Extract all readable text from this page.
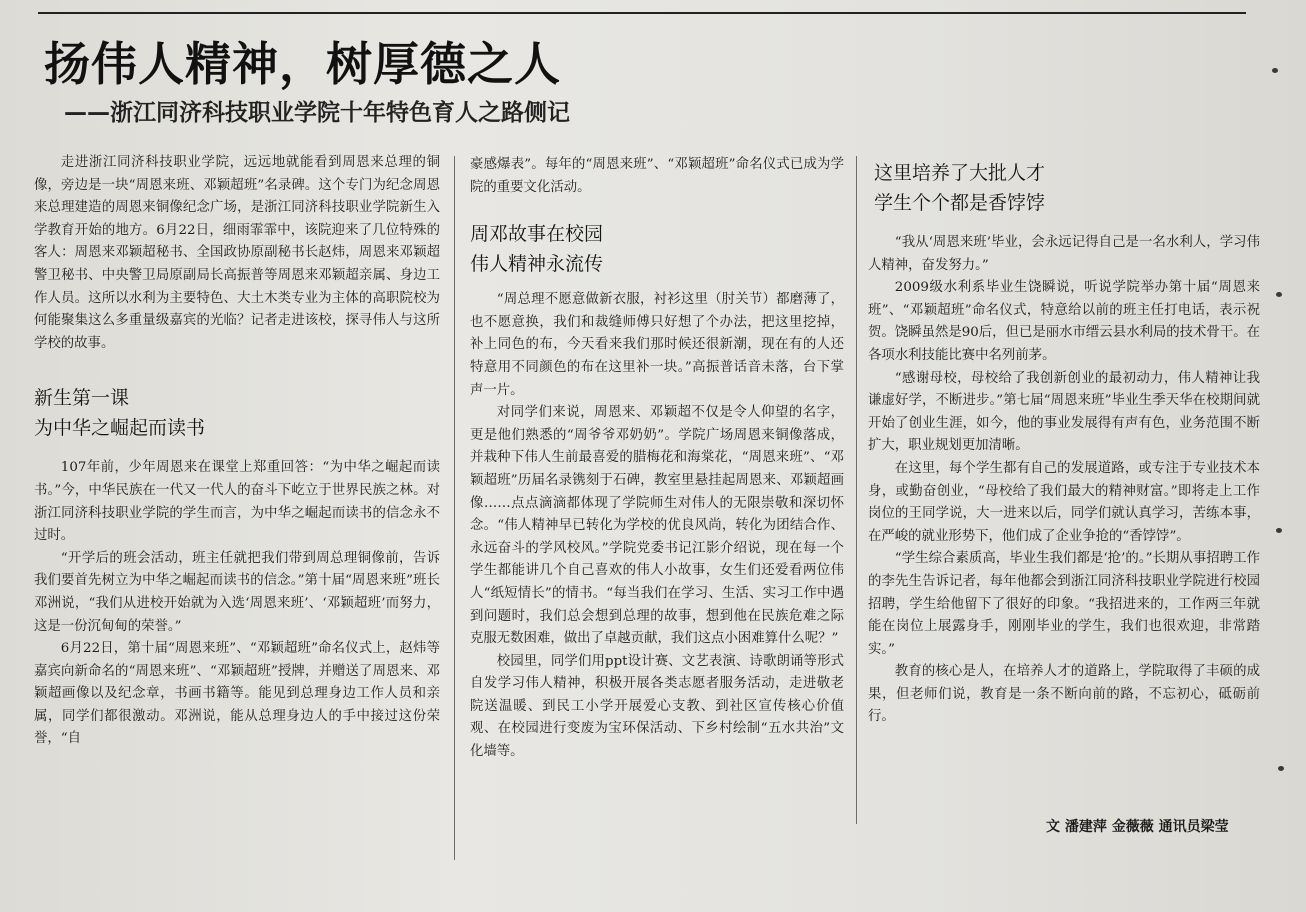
扬伟人精神，树厚德之人
——浙江同济科技职业学院十年特色育人之路侧记

走进浙江同济科技职业学院，远远地就能看到周恩来总理的铜像，旁边是一块“周恩来班、邓颖超班”名录碑。这个专门为纪念周恩来总理建造的周恩来铜像纪念广场，是浙江同济科技职业学院新生入学教育开始的地方。6月22日，细雨霏霏中，该院迎来了几位特殊的客人：周恩来邓颖超秘书、全国政协原副秘书长赵炜，周恩来邓颖超警卫秘书、中央警卫局原副局长高振普等周恩来邓颖超亲属、身边工作人员。这所以水利为主要特色、大土木类专业为主体的高职院校为何能聚集这么多重量级嘉宾的光临？记者走进该校，探寻伟人与这所学校的故事。

新生第一课
为中华之崛起而读书

107年前，少年周恩来在课堂上郑重回答：“为中华之崛起而读书。”今，中华民族在一代又一代人的奋斗下屹立于世界民族之林。对浙江同济科技职业学院的学生而言，为中华之崛起而读书的信念永不过时。

“开学后的班会活动，班主任就把我们带到周总理铜像前，告诉我们要首先树立为中华之崛起而读书的信念。”第十届“周恩来班”班长邓洲说，“我们从进校开始就为入选‘周恩来班’、‘邓颖超班’而努力，这是一份沉甸甸的荣誉。”

6月22日，第十届“周恩来班”、“邓颖超班”命名仪式上，赵炜等嘉宾向新命名的“周恩来班”、“邓颖超班”授牌，并赠送了周恩来、邓颖超画像以及纪念章，书画书籍等。能见到总理身边工作人员和亲属，同学们都很激动。邓洲说，能从总理身边人的手中接过这份荣誉，“自

豪感爆表”。每年的“周恩来班”、“邓颖超班”命名仪式已成为学院的重要文化活动。

周邓故事在校园
伟人精神永流传

“周总理不愿意做新衣服，衬衫这里（肘关节）都磨薄了，也不愿意换，我们和裁缝师傅只好想了个办法，把这里挖掉，补上同色的布，今天看来我们那时候还很新潮，现在有的人还特意用不同颜色的布在这里补一块。”高振普话音未落，台下掌声一片。

对同学们来说，周恩来、邓颖超不仅是令人仰望的名字，更是他们熟悉的“周爷爷邓奶奶”。学院广场周恩来铜像落成，并栽种下伟人生前最喜爱的腊梅花和海棠花，“周恩来班”、“邓颖超班”历届名录镌刻于石碑，教室里悬挂起周恩来、邓颖超画像……点点滴滴都体现了学院师生对伟人的无限崇敬和深切怀念。“伟人精神早已转化为学校的优良风尚，转化为团结合作、永远奋斗的学风校风。”学院党委书记江影介绍说，现在每一个学生都能讲几个自己喜欢的伟人小故事，女生们还爱看两位伟人“纸短情长”的情书。“每当我们在学习、生活、实习工作中遇到问题时，我们总会想到总理的故事，想到他在民族危难之际克服无数困难，做出了卓越贡献，我们这点小困难算什么呢？”

校园里，同学们用ppt设计赛、文艺表演、诗歌朗诵等形式自发学习伟人精神，积极开展各类志愿者服务活动，走进敬老院送温暖、到民工小学开展爱心支教、到社区宣传核心价值观、在校园进行变废为宝环保活动、下乡村绘制“五水共治”文化墙等。

这里培养了大批人才
学生个个都是香饽饽

“我从‘周恩来班’毕业，会永远记得自己是一名水利人，学习伟人精神，奋发努力。”

2009级水利系毕业生饶瞬说，听说学院举办第十届“周恩来班”、“邓颖超班”命名仪式，特意给以前的班主任打电话，表示祝贺。饶瞬虽然是90后，但已是丽水市缙云县水利局的技术骨干。在各项水利技能比赛中名列前茅。

“感谢母校，母校给了我创新创业的最初动力，伟人精神让我谦虚好学，不断进步。”第七届“周恩来班”毕业生季天华在校期间就开始了创业生涯，如今，他的事业发展得有声有色，业务范围不断扩大，职业规划更加清晰。

在这里，每个学生都有自己的发展道路，或专注于专业技术本身，或勤奋创业，“母校给了我们最大的精神财富。”即将走上工作岗位的王同学说，大一进来以后，同学们就认真学习，苦练本事，在严峻的就业形势下，他们成了企业争抢的“香饽饽”。

“学生综合素质高，毕业生我们都是‘抢’的。”长期从事招聘工作的李先生告诉记者，每年他都会到浙江同济科技职业学院进行校园招聘，学生给他留下了很好的印象。“我招进来的，工作两三年就能在岗位上展露身手，刚刚毕业的学生，我们也很欢迎，非常踏实。”

教育的核心是人，在培养人才的道路上，学院取得了丰硕的成果，但老师们说，教育是一条不断向前的路，不忘初心，砥砺前行。

文 潘建萍 金薇薇 通讯员梁莹
